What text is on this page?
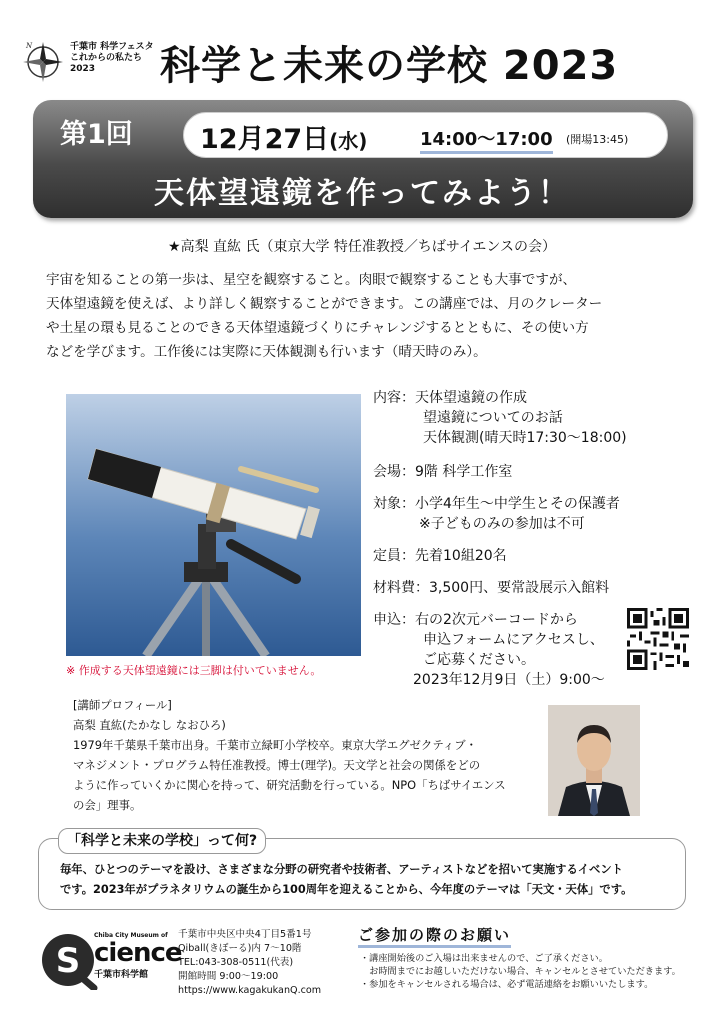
N	千葉市 科学フェスタ
これからの私たち
2023	科学と未来の学校 2023
第1回 12月27日(水)	14:00〜17:00 (開場13:45)
天体望遠鏡を作ってみよう！
★高梨 直紘 氏（東京大学 特任准教授／ちばサイエンスの会）
宇宙を知ることの第一歩は、星空を観察すること。肉眼で観察することも大事ですが、
天体望遠鏡を使えば、より詳しく観察することができます。この講座では、月のクレーター
や土星の環も見ることのできる天体望遠鏡づくりにチャレンジするとともに、その使い方
などを学びます。工作後には実際に天体観測も行います（晴天時のみ）。
※ 作成する天体望遠鏡には三脚は付いていません。
内容：天体望遠鏡の作成
望遠鏡についてのお話
天体観測(晴天時17:30〜18:00)
会場：9階 科学工作室
対象：小学4年生〜中学生とその保護者
※子どものみの参加は不可
定員：先着10組20名
材料費：3,500円、要常設展示入館料
申込：右の2次元バーコードから
申込フォームにアクセスし、
ご応募ください。
2023年12月9日（土）9:00〜
[講師プロフィール]
高梨 直紘(たかなし なおひろ)
1979年千葉県千葉市出身。千葉市立緑町小学校卒。東京大学エグゼクティブ・
マネジメント・プログラム特任准教授。博士(理学)。天文学と社会の関係をどの
ように作っていくかに関心を持って、研究活動を行っている。NPO「ちばサイエンス
の会」理事。
「科学と未来の学校」って何?
毎年、ひとつのテーマを設け、さまざまな分野の研究者や技術者、アーティストなどを招いて実施するイベント
です。2023年がプラネタリウムの誕生から100周年を迎えることから、今年度のテーマは「天文・天体」です。
S
Chiba City Museum of
cience
千葉市科学館
千葉市中央区中央4丁目5番1号
Qiball(きぼーる)内 7〜10階
TEL:043-308-0511(代表)
開館時間 9:00〜19:00
https://www.kagakukanQ.com
ご参加の際のお願い
・講座開始後のご入場は出来ませんので、ご了承ください。
　お時間までにお越しいただけない場合、キャンセルとさせていただきます。
・参加をキャンセルされる場合は、必ず電話連絡をお願いいたします。
